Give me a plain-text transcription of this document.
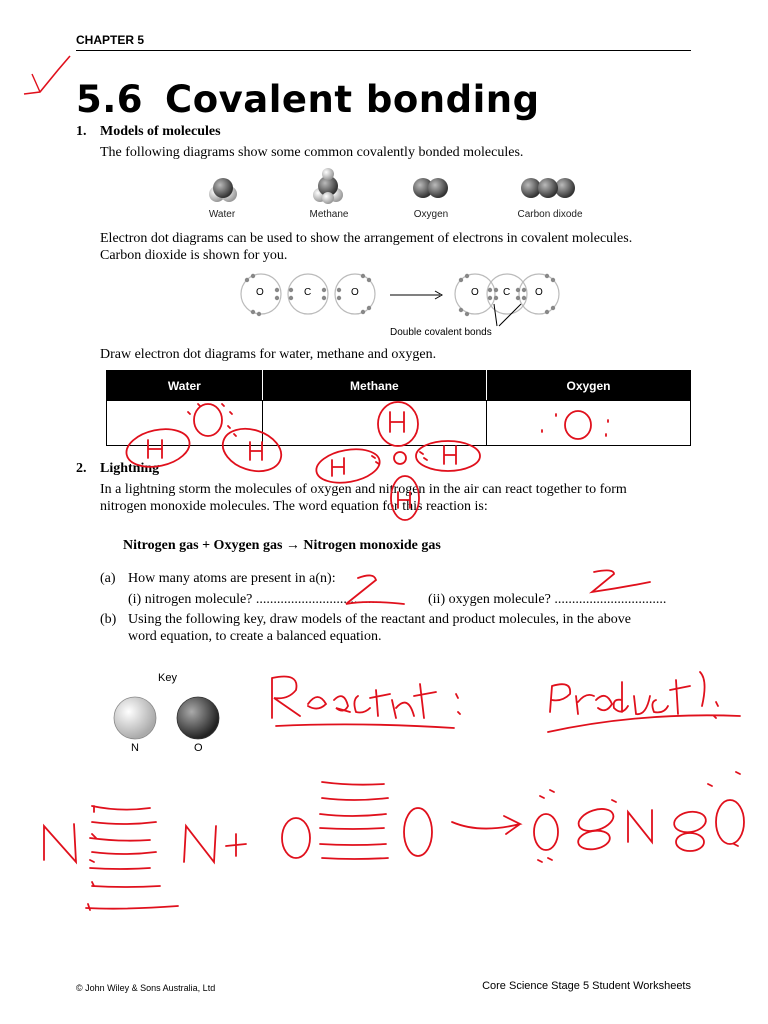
CHAPTER 5
5.6 Covalent bonding
1. Models of molecules
The following diagrams show some common covalently bonded molecules.
Water	Methane	Oxygen	Carbon dixode
Electron dot diagrams can be used to show the arrangement of electrons in covalent molecules.
Carbon dioxide is shown for you.
O	C	O	O C O
Double covalent bonds
Draw electron dot diagrams for water, methane and oxygen.
Water	Methane	Oxygen

2. Lightning
In a lightning storm the molecules of oxygen and nitrogen in the air can react together to form
nitrogen monoxide molecules. The word equation for this reaction is:
Nitrogen gas + Oxygen gas → Nitrogen monoxide gas
(a) How many atoms are present in a(n):
(i) nitrogen molecule? ....................................	(ii) oxygen molecule? ................................
(b) Using the following key, draw models of the reactant and product molecules, in the above
word equation, to create a balanced equation.
Key
N	O
© John Wiley & Sons Australia, Ltd	Core Science Stage 5 Student Worksheets
